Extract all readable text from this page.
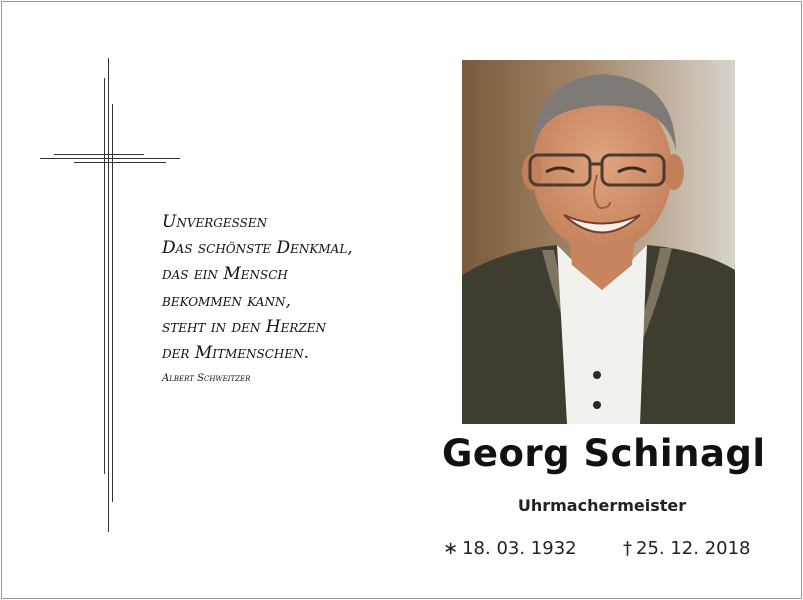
Unvergessen
Das schönste Denkmal,
das ein Mensch
bekommen kann,
steht in den Herzen
der Mitmenschen.
Albert Schweitzer
Georg Schinagl
Uhrmachermeister
∗ 18. 03. 1932	† 25. 12. 2018
